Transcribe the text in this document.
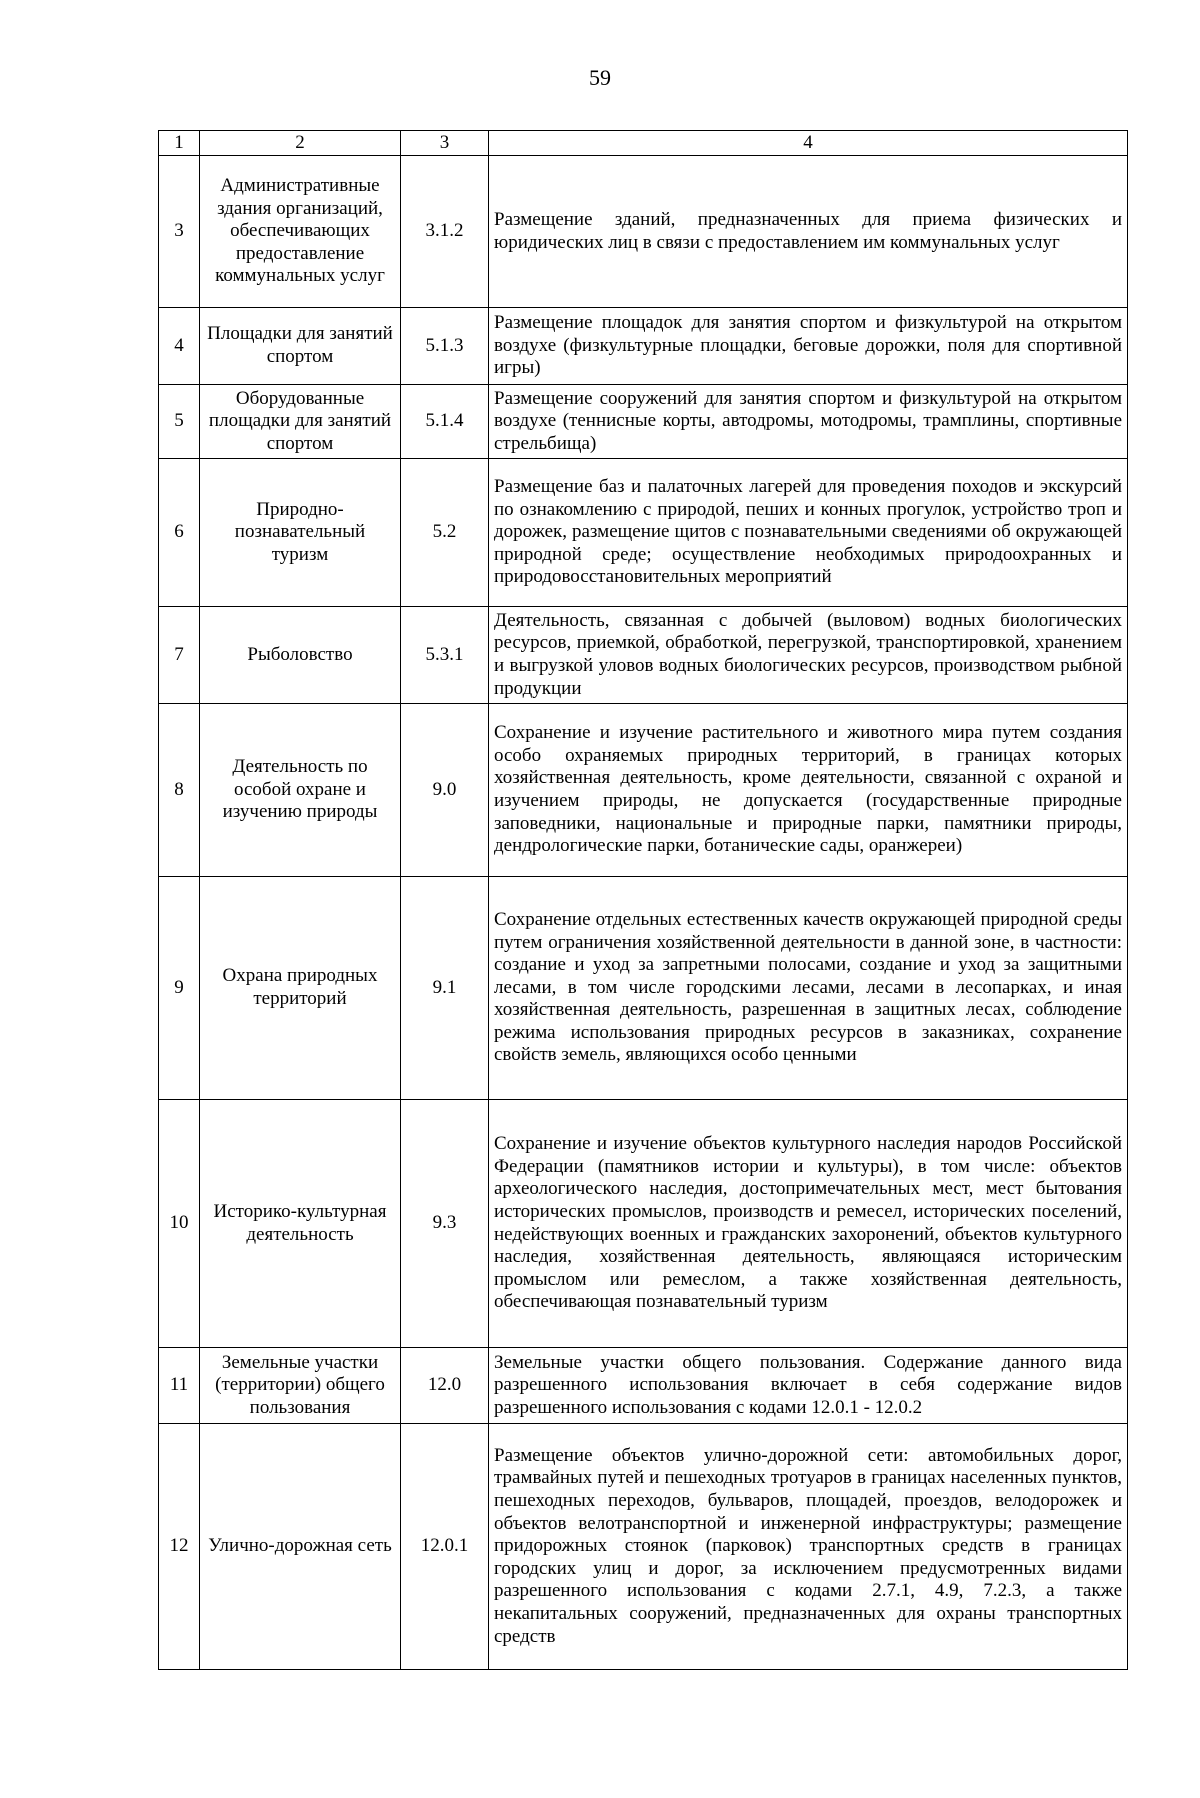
59
1	2	3	4
3	Административные здания организаций, обеспечивающих предоставление коммунальных услуг	3.1.2	Размещение зданий, предназначенных для приема физических и юридических лиц в связи с предоставлением им коммунальных услуг
4	Площадки для занятий спортом	5.1.3	Размещение площадок для занятия спортом и физкультурой на открытом воздухе (физкультурные площадки, беговые дорожки, поля для спортивной игры)
5	Оборудованные площадки для занятий спортом	5.1.4	Размещение сооружений для занятия спортом и физкультурой на открытом воздухе (теннисные корты, автодромы, мотодромы, трамплины, спортивные стрельбища)
6	Природно-познавательный туризм	5.2	Размещение баз и палаточных лагерей для проведения походов и экскурсий по ознакомлению с природой, пеших и конных прогулок, устройство троп и дорожек, размещение щитов с познавательными сведениями об окружающей природной среде; осуществление необходимых природоохранных и природовосстановительных мероприятий
7	Рыболовство	5.3.1	Деятельность, связанная с добычей (выловом) водных биологических ресурсов, приемкой, обработкой, перегрузкой, транспортировкой, хранением и выгрузкой уловов водных биологических ресурсов, производством рыбной продукции
8	Деятельность по особой охране и изучению природы	9.0	Сохранение и изучение растительного и животного мира путем создания особо охраняемых природных территорий, в границах которых хозяйственная деятельность, кроме деятельности, связанной с охраной и изучением природы, не допускается (государственные природные заповедники, национальные и природные парки, памятники природы, дендрологические парки, ботанические сады, оранжереи)
9	Охрана природных территорий	9.1	Сохранение отдельных естественных качеств окружающей природной среды путем ограничения хозяйственной деятельности в данной зоне, в частности: создание и уход за запретными полосами, создание и уход за защитными лесами, в том числе городскими лесами, лесами в лесопарках, и иная хозяйственная деятельность, разрешенная в защитных лесах, соблюдение режима использования природных ресурсов в заказниках, сохранение свойств земель, являющихся особо ценными
10	Историко-культурная деятельность	9.3	Сохранение и изучение объектов культурного наследия народов Российской Федерации (памятников истории и культуры), в том числе: объектов археологического наследия, достопримечательных мест, мест бытования исторических промыслов, производств и ремесел, исторических поселений, недействующих военных и гражданских захоронений, объектов культурного наследия, хозяйственная деятельность, являющаяся историческим промыслом или ремеслом, а также хозяйственная деятельность, обеспечивающая познавательный туризм
11	Земельные участки (территории) общего пользования	12.0	Земельные участки общего пользования. Содержание данного вида разрешенного использования включает в себя содержание видов разрешенного использования с кодами 12.0.1 - 12.0.2
12	Улично-дорожная сеть	12.0.1	Размещение объектов улично-дорожной сети: автомобильных дорог, трамвайных путей и пешеходных тротуаров в границах населенных пунктов, пешеходных переходов, бульваров, площадей, проездов, велодорожек и объектов велотранспортной и инженерной инфраструктуры; размещение придорожных стоянок (парковок) транспортных средств в границах городских улиц и дорог, за исключением предусмотренных видами разрешенного использования с кодами 2.7.1, 4.9, 7.2.3, а также некапитальных сооружений, предназначенных для охраны транспортных средств
